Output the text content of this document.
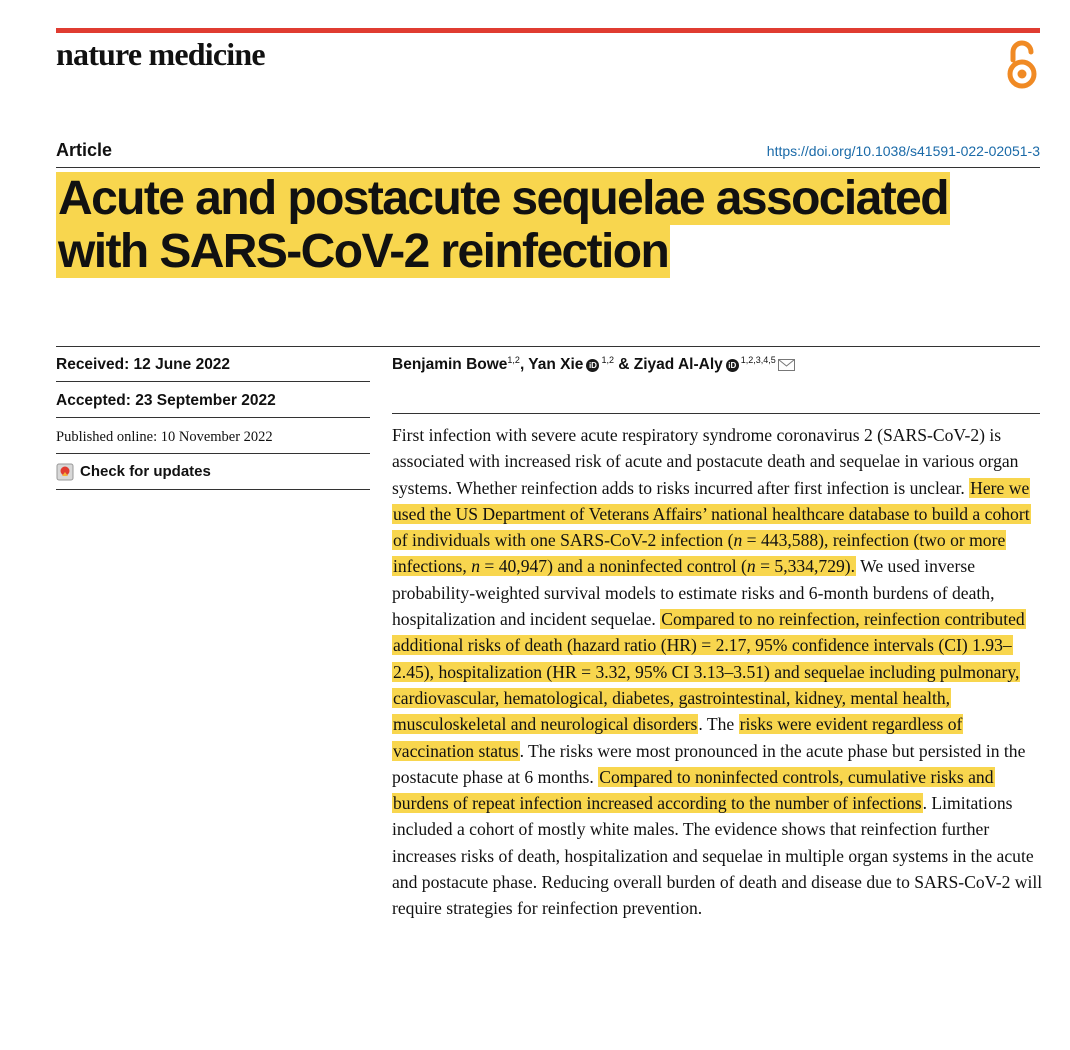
nature medicine
Article	https://doi.org/10.1038/s41591-022-02051-3
Acute and postacute sequelae associated
with SARS-CoV-2 reinfection
Received: 12 June 2022
Accepted: 23 September 2022
Published online: 10 November 2022
Check for updates
Benjamin Bowe$^{1,2}$, Yan Xie iD$^{1,2}$ & Ziyad Al-Aly iD$^{1,2,3,4,5}$

First infection with severe acute respiratory syndrome coronavirus 2 (SARS-CoV-2) is associated with increased risk of acute and postacute death and sequelae in various organ systems. Whether reinfection adds to risks incurred after first infection is unclear. Here we used the US Department of Veterans Affairs’ national healthcare database to build a cohort of individuals with one SARS-CoV-2 infection (n = 443,588), reinfection (two or more infections, n = 40,947) and a noninfected control (n = 5,334,729). We used inverse probability-weighted survival models to estimate risks and 6-month burdens of death, hospitalization and incident sequelae. Compared to no reinfection, reinfection contributed additional risks of death (hazard ratio (HR) = 2.17, 95% confidence intervals (CI) 1.93–2.45), hospitalization (HR = 3.32, 95% CI 3.13–3.51) and sequelae including pulmonary, cardiovascular, hematological, diabetes, gastrointestinal, kidney, mental health, musculoskeletal and neurological disorders. The risks were evident regardless of vaccination status. The risks were most pronounced in the acute phase but persisted in the postacute phase at 6 months. Compared to noninfected controls, cumulative risks and burdens of repeat infection increased according to the number of infections. Limitations included a cohort of mostly white males. The evidence shows that reinfection further increases risks of death, hospitalization and sequelae in multiple organ systems in the acute and postacute phase. Reducing overall burden of death and disease due to SARS-CoV-2 will require strategies for reinfection prevention.
